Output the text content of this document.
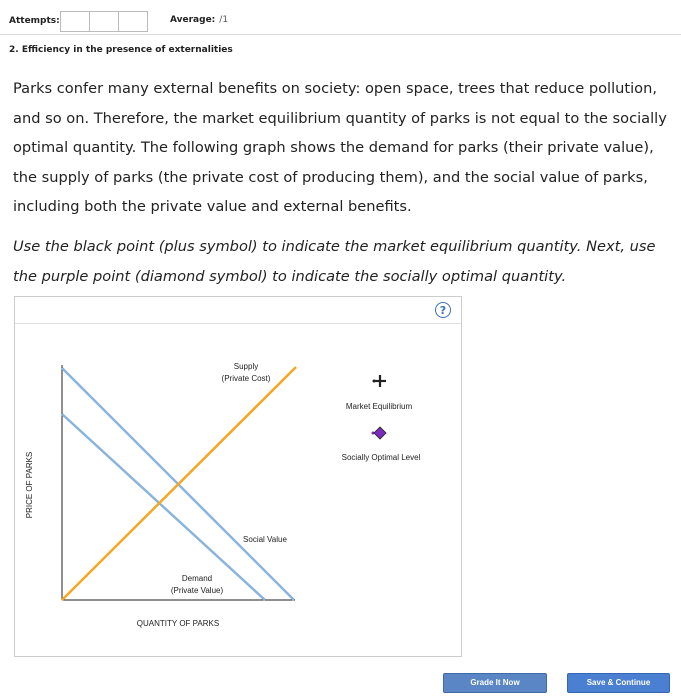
Attempts:	Average: /1
2. Efficiency in the presence of externalities
Parks confer many external benefits on society: open space, trees that reduce pollution, and so on. Therefore, the market equilibrium quantity of parks is not equal to the socially optimal quantity. The following graph shows the demand for parks (their private value), the supply of parks (the private cost of producing them), and the social value of parks, including both the private value and external benefits.
Use the black point (plus symbol) to indicate the market equilibrium quantity. Next, use the purple point (diamond symbol) to indicate the socially optimal quantity.
?
Supply
(Private Cost)
Social Value
Demand
(Private Value)
PRICE OF PARKS
QUANTITY OF PARKS
Market Equilibrium
Socially Optimal Level
Grade It Now	Save & Continue
